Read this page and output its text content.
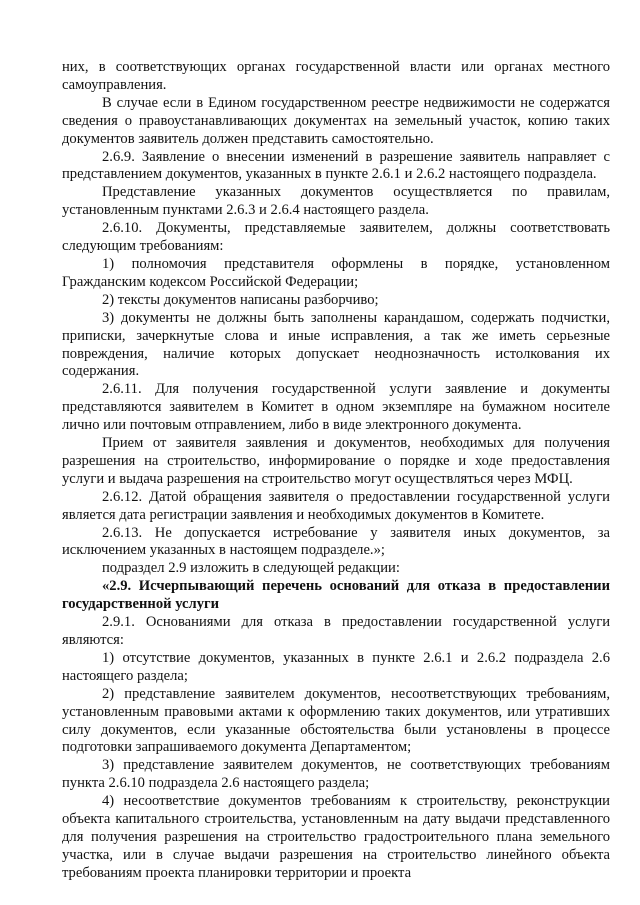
них, в соответствующих органах государственной власти или органах местного самоуправления.

В случае если в Едином государственном реестре недвижимости не содержатся сведения о правоустанавливающих документах на земельный участок, копию таких документов заявитель должен представить самостоятельно.

2.6.9. Заявление о внесении изменений в разрешение заявитель направляет с представлением документов, указанных в пункте 2.6.1 и 2.6.2 настоящего подраздела.

Представление указанных документов осуществляется по правилам, установленным пунктами 2.6.3 и 2.6.4 настоящего раздела.

2.6.10. Документы, представляемые заявителем, должны соответствовать следующим требованиям:

1) полномочия представителя оформлены в порядке, установленном Гражданским кодексом Российской Федерации;

2) тексты документов написаны разборчиво;

3) документы не должны быть заполнены карандашом, содержать подчистки, приписки, зачеркнутые слова и иные исправления, а так же иметь серьезные повреждения, наличие которых допускает неоднозначность истолкования их содержания.

2.6.11. Для получения государственной услуги заявление и документы представляются заявителем в Комитет в одном экземпляре на бумажном носителе лично или почтовым отправлением, либо в виде электронного документа.

Прием от заявителя заявления и документов, необходимых для получения разрешения на строительство, информирование о порядке и ходе предоставления услуги и выдача разрешения на строительство могут осуществляться через МФЦ.

2.6.12. Датой обращения заявителя о предоставлении государственной услуги является дата регистрации заявления и необходимых документов в Комитете.

2.6.13. Не допускается истребование у заявителя иных документов, за исключением указанных в настоящем подразделе.»;

подраздел 2.9 изложить в следующей редакции:

«2.9. Исчерпывающий перечень оснований для отказа в предоставлении государственной услуги

2.9.1. Основаниями для отказа в предоставлении государственной услуги являются:

1) отсутствие документов, указанных в пункте 2.6.1 и 2.6.2 подраздела 2.6 настоящего раздела;

2) представление заявителем документов, несоответствующих требованиям, установленным правовыми актами к оформлению таких документов, или утративших силу документов, если указанные обстоятельства были установлены в процессе подготовки запрашиваемого документа Департаментом;

3) представление заявителем документов, не соответствующих требованиям пункта 2.6.10 подраздела 2.6 настоящего раздела;

4) несоответствие документов требованиям к строительству, реконструкции объекта капитального строительства, установленным на дату выдачи представленного для получения разрешения на строительство градостроительного плана земельного участка, или в случае выдачи разрешения на строительство линейного объекта требованиям проекта планировки территории и проекта
